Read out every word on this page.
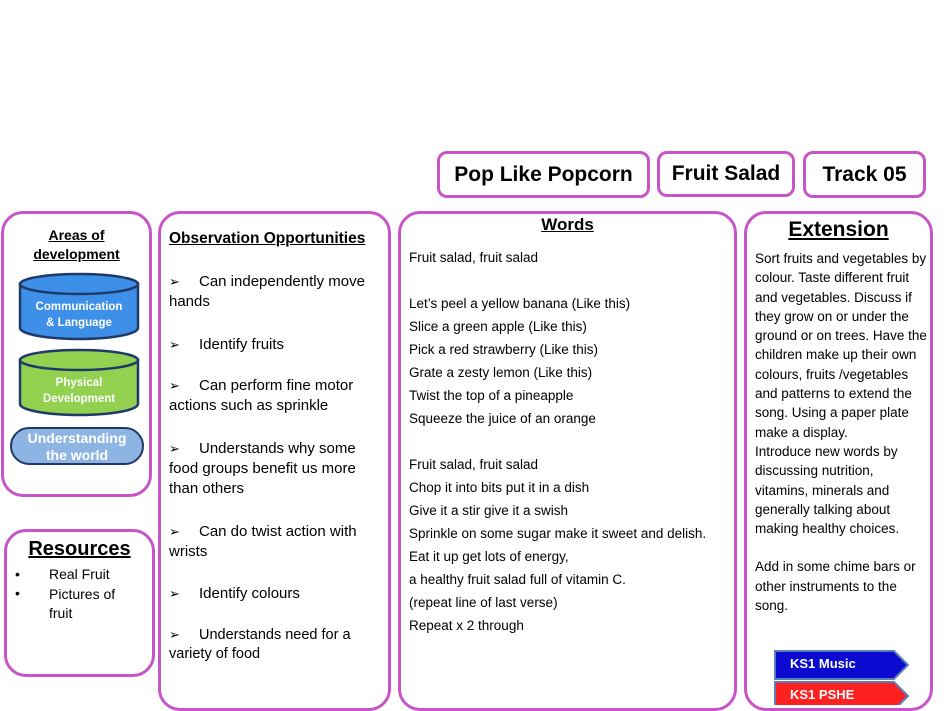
Pop Like Popcorn Fruit Salad Track 05
Areas of
development
Communication
& Language
Physical
Development
Understanding
the world
Resources
• Real Fruit
• Pictures of fruit
Observation Opportunities
➢ Can independently move hands
➢ Identify fruits
➢ Can perform fine motor actions such as sprinkle
➢ Understands why some food groups benefit us more than others
➢ Can do twist action with wrists
➢ Identify colours
➢ Understands need for a variety of food
Words
Fruit salad, fruit salad
Let’s peel a yellow banana (Like this)
Slice a green apple (Like this)
Pick a red strawberry (Like this)
Grate a zesty lemon (Like this)
Twist the top of a pineapple
Squeeze the juice of an orange
Fruit salad, fruit salad
Chop it into bits put it in a dish
Give it a stir give it a swish
Sprinkle on some sugar make it sweet and delish.
Eat it up get lots of energy,
a healthy fruit salad full of vitamin C.
(repeat line of last verse)
Repeat x 2 through
Extension

Sort fruits and vegetables by colour. Taste different fruit and vegetables. Discuss if they grow on or under the ground or on trees. Have the children make up their own colours, fruits /vegetables and patterns to extend the song. Using a paper plate make a display.

Introduce new words by discussing nutrition, vitamins, minerals and generally talking about making healthy choices.

Add in some chime bars or other instruments to the song.

KS1 Music
KS1 PSHE
